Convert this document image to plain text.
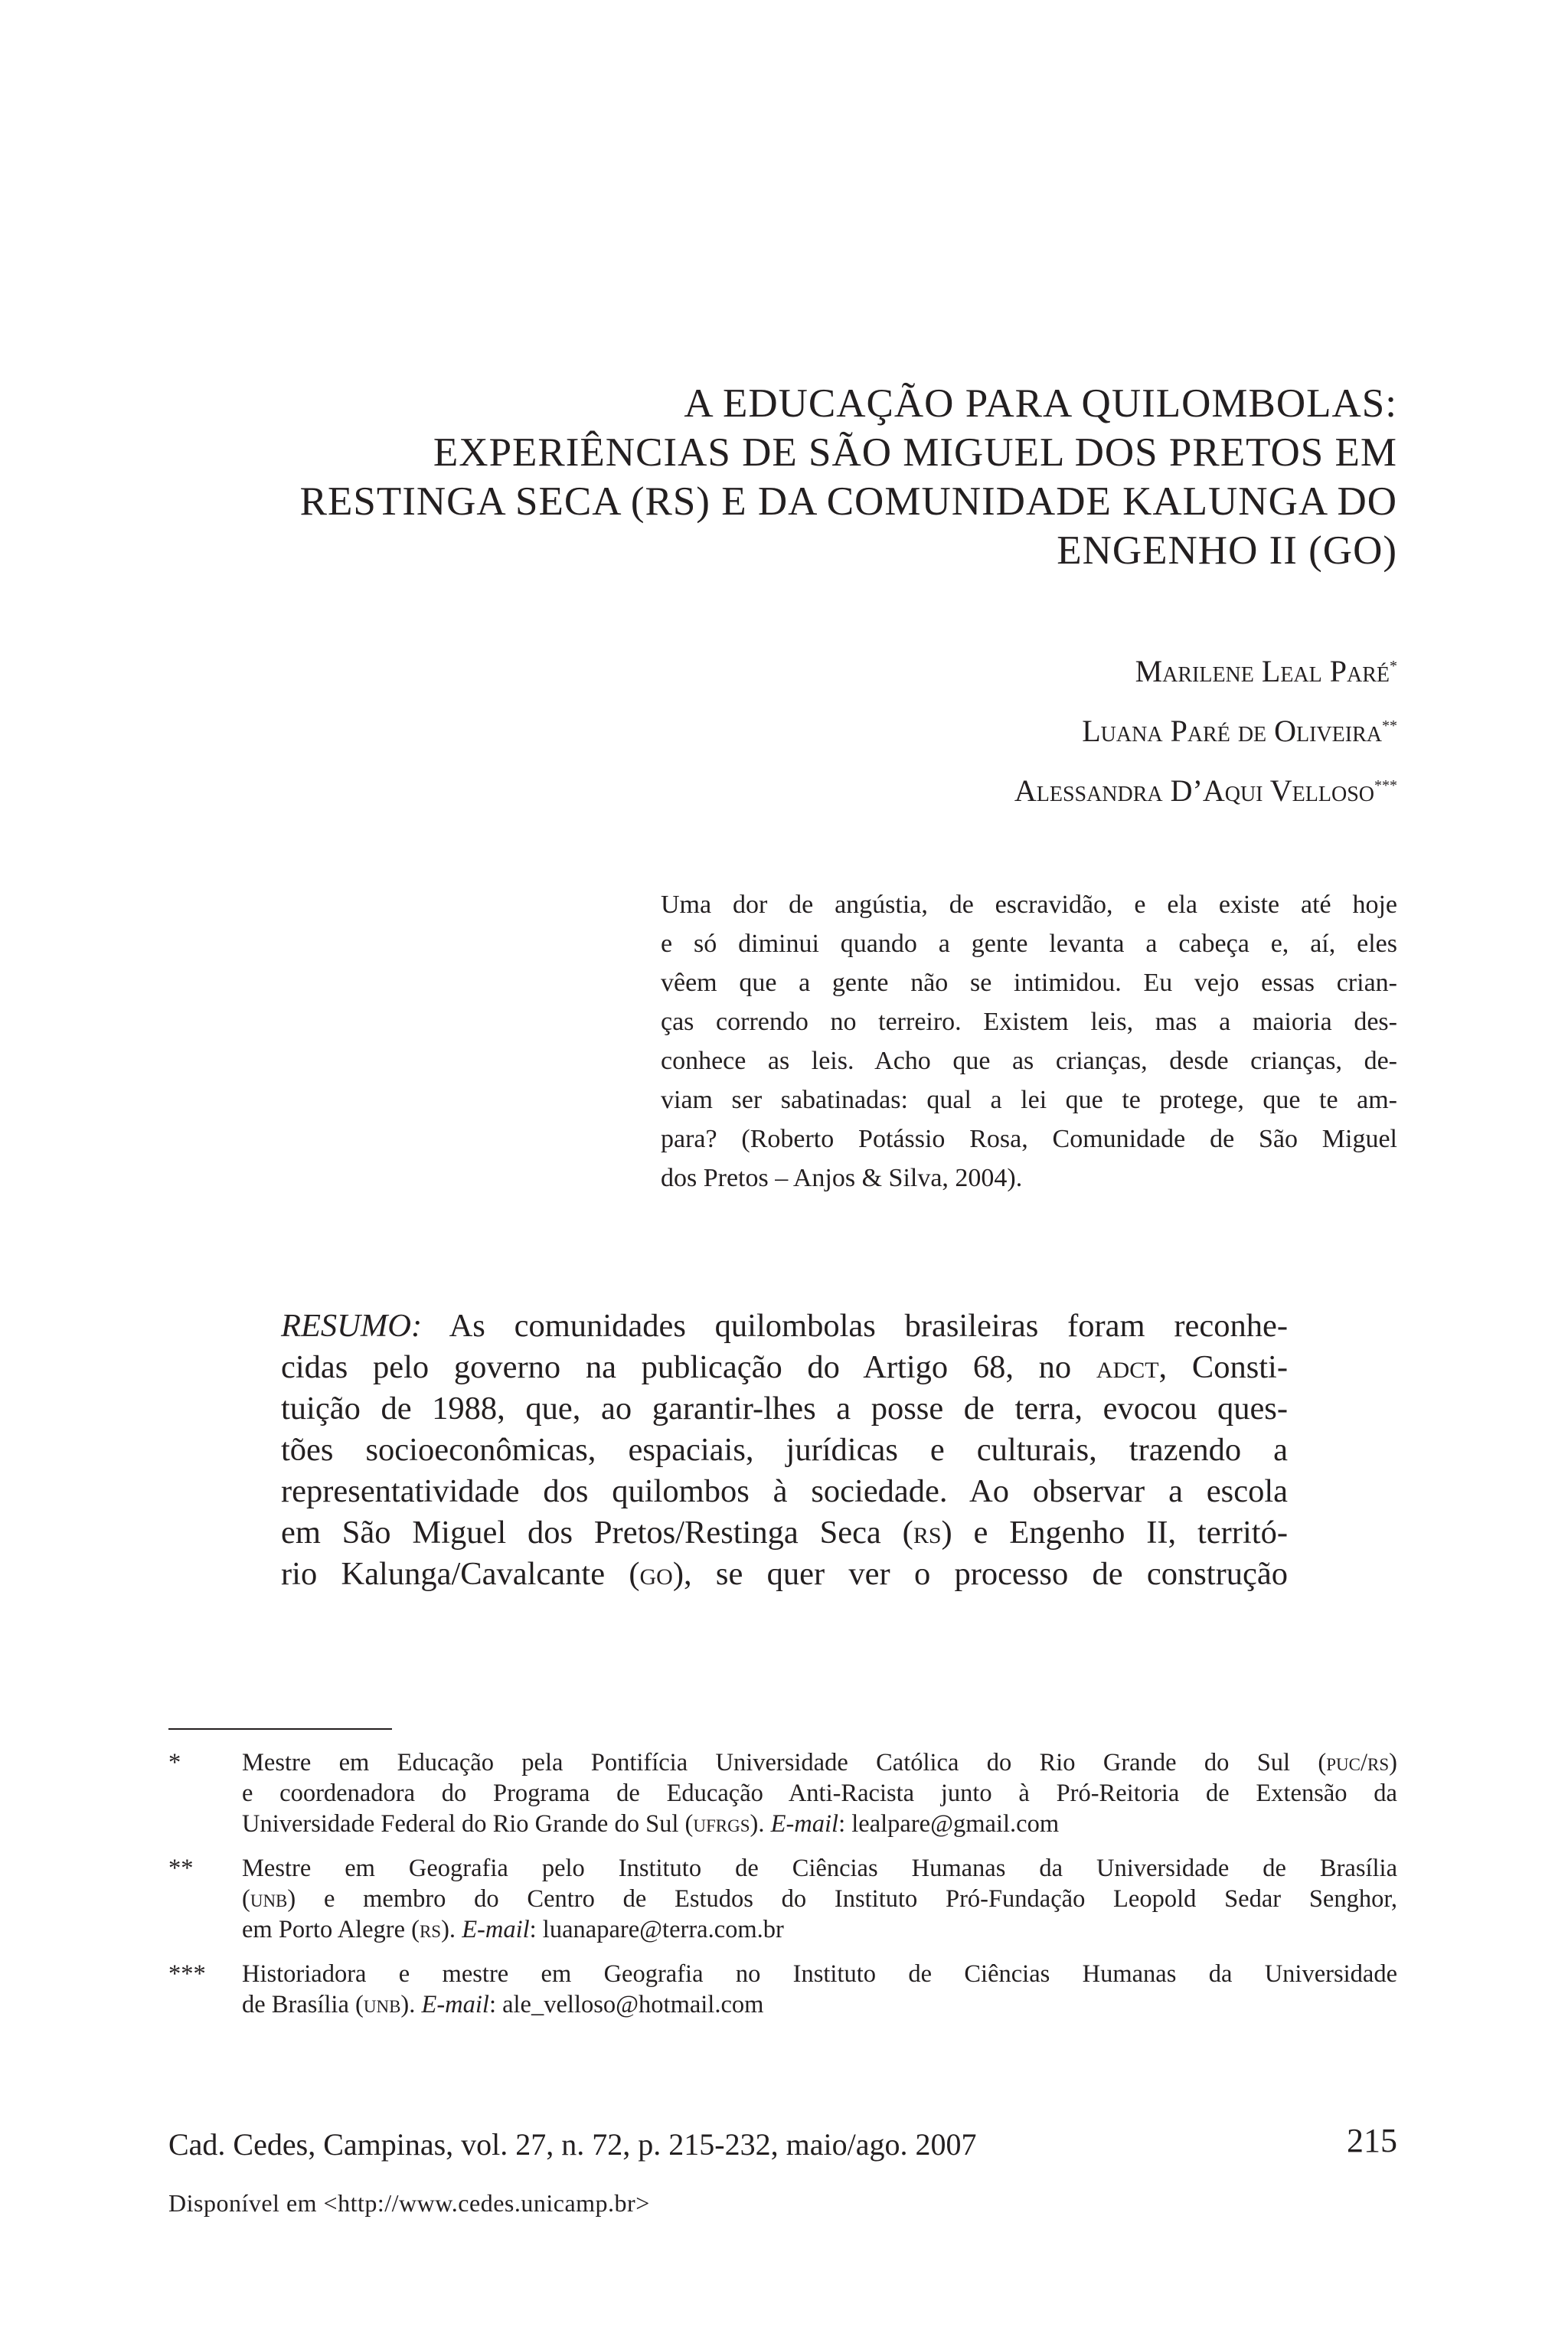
A EDUCAÇÃO PARA QUILOMBOLAS:
EXPERIÊNCIAS DE SÃO MIGUEL DOS PRETOS EM
RESTINGA SECA (RS) E DA COMUNIDADE KALUNGA DO
ENGENHO II (GO)
Marilene Leal Paré*
Luana Paré de Oliveira**
Alessandra D’Aqui Velloso***
Uma dor de angústia, de escravidão, e ela existe até hoje
e só diminui quando a gente levanta a cabeça e, aí, eles
vêem que a gente não se intimidou. Eu vejo essas crian-
ças correndo no terreiro. Existem leis, mas a maioria des-
conhece as leis. Acho que as crianças, desde crianças, de-
viam ser sabatinadas: qual a lei que te protege, que te am-
para? (Roberto Potássio Rosa, Comunidade de São Miguel
dos Pretos – Anjos & Silva, 2004).
RESUMO: As comunidades quilombolas brasileiras foram reconhe-
cidas pelo governo na publicação do Artigo 68, no adct, Consti-
tuição de 1988, que, ao garantir-lhes a posse de terra, evocou ques-
tões socioeconômicas, espaciais, jurídicas e culturais, trazendo a
representatividade dos quilombos à sociedade. Ao observar a escola
em São Miguel dos Pretos/Restinga Seca (rs) e Engenho II, territó-
rio Kalunga/Cavalcante (go), se quer ver o processo de construção
* Mestre em Educação pela Pontifícia Universidade Católica do Rio Grande do Sul (puc/rs)
e coordenadora do Programa de Educação Anti-Racista junto à Pró-Reitoria de Extensão da
Universidade Federal do Rio Grande do Sul (ufrgs). E-mail: lealpare@gmail.com
** Mestre em Geografia pelo Instituto de Ciências Humanas da Universidade de Brasília
(unb) e membro do Centro de Estudos do Instituto Pró-Fundação Leopold Sedar Senghor,
em Porto Alegre (rs). E-mail: luanapare@terra.com.br
*** Historiadora e mestre em Geografia no Instituto de Ciências Humanas da Universidade
de Brasília (unb). E-mail: ale_velloso@hotmail.com
Cad. Cedes, Campinas, vol. 27, n. 72, p. 215-232, maio/ago. 2007	215
Disponível em <http://www.cedes.unicamp.br>
